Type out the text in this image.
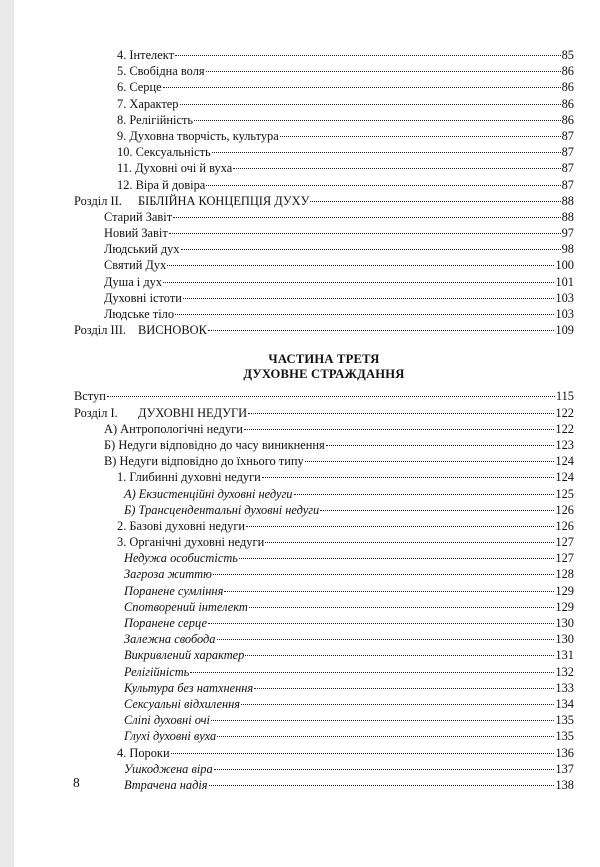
4. Інтелект	85
5. Свобідна воля	86
6. Серце	86
7. Характер	86
8. Релігійність	86
9. Духовна творчість, культура	87
10. Сексуальність	87
11. Духовні очі й вуха	87
12. Віра й довіра	87
Розділ II. БІБЛІЙНА КОНЦЕПЦІЯ ДУХУ	88
Старий Завіт	88
Новий Завіт	97
Людський дух	98
Святий Дух	100
Душа і дух	101
Духовні істоти	103
Людське тіло	103
Розділ III. ВИСНОВОК	109

ЧАСТИНА ТРЕТЯ

ДУХОВНЕ СТРАЖДАННЯ

Вступ	115
Розділ I. ДУХОВНІ НЕДУГИ	122
А) Антропологічні недуги	122
Б) Недуги відповідно до часу виникнення	123
В) Недуги відповідно до їхнього типу	124
1. Глибинні духовні недуги	124
А) Екзистенційні духовні недуги	125
Б) Трансцендентальні духовні недуги	126
2. Базові духовні недуги	126
3. Органічні духовні недуги	127
Недужа особистість	127
Загроза життю	128
Поранене сумління	129
Спотворений інтелект	129
Поранене серце	130
Залежна свобода	130
Викривлений характер	131
Релігійність	132
Культура без натхнення	133
Сексуальні відхилення	134
Сліпі духовні очі	135
Глухі духовні вуха	135
4. Пороки	136
Ушкоджена віра	137
Втрачена надія	138
8
